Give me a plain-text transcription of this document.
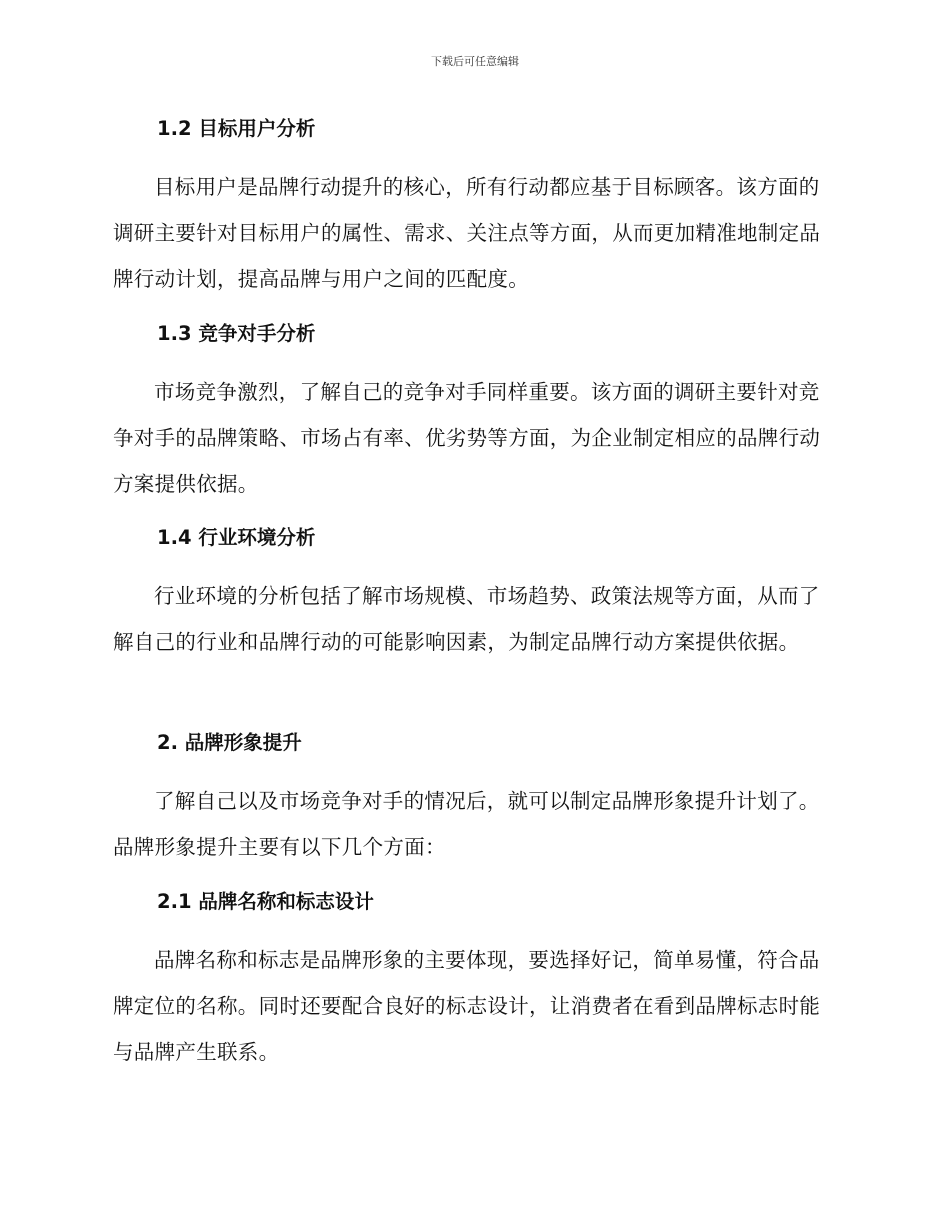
下载后可任意编辑
1.2 目标用户分析

目标用户是品牌行动提升的核心，所有行动都应基于目标顾客。该方面的调研主要针对目标用户的属性、需求、关注点等方面，从而更加精准地制定品牌行动计划，提高品牌与用户之间的匹配度。

1.3 竞争对手分析

市场竞争激烈，了解自己的竞争对手同样重要。该方面的调研主要针对竞争对手的品牌策略、市场占有率、优劣势等方面，为企业制定相应的品牌行动方案提供依据。

1.4 行业环境分析

行业环境的分析包括了解市场规模、市场趋势、政策法规等方面，从而了解自己的行业和品牌行动的可能影响因素，为制定品牌行动方案提供依据。

2. 品牌形象提升

了解自己以及市场竞争对手的情况后，就可以制定品牌形象提升计划了。品牌形象提升主要有以下几个方面：

2.1 品牌名称和标志设计

品牌名称和标志是品牌形象的主要体现，要选择好记，简单易懂，符合品牌定位的名称。同时还要配合良好的标志设计，让消费者在看到品牌标志时能与品牌产生联系。
